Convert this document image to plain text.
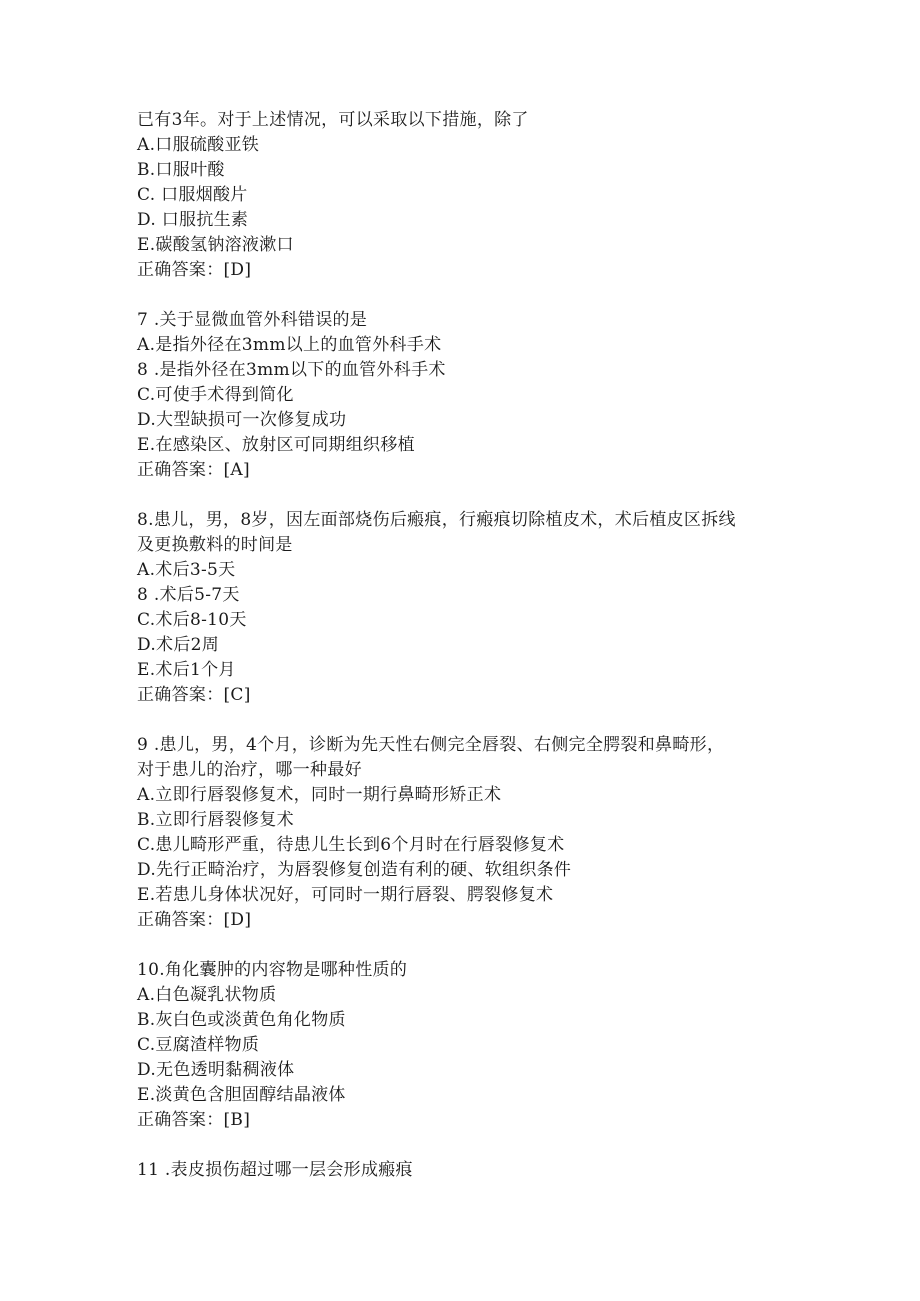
已有3年。对于上述情况，可以采取以下措施，除了
A.口服硫酸亚铁
B.口服叶酸
C. 口服烟酸片
D. 口服抗生素
E.碳酸氢钠溶液漱口
正确答案：[D]
7 .关于显微血管外科错误的是
A.是指外径在3mm以上的血管外科手术
8 .是指外径在3mm以下的血管外科手术
C.可使手术得到简化
D.大型缺损可一次修复成功
E.在感染区、放射区可同期组织移植
正确答案：[A]
8.患儿，男，8岁，因左面部烧伤后瘢痕，行瘢痕切除植皮术，术后植皮区拆线
及更换敷料的时间是
A.术后3-5天
8 .术后5-7天
C.术后8-10天
D.术后2周
E.术后1个月
正确答案：[C]
9 .患儿，男，4个月，诊断为先天性右侧完全唇裂、右侧完全腭裂和鼻畸形，
对于患儿的治疗，哪一种最好
A.立即行唇裂修复术，同时一期行鼻畸形矫正术
B.立即行唇裂修复术
C.患儿畸形严重，待患儿生长到6个月时在行唇裂修复术
D.先行正畸治疗，为唇裂修复创造有利的硬、软组织条件
E.若患儿身体状况好，可同时一期行唇裂、腭裂修复术
正确答案：[D]
10.角化囊肿的内容物是哪种性质的
A.白色凝乳状物质
B.灰白色或淡黄色角化物质
C.豆腐渣样物质
D.无色透明黏稠液体
E.淡黄色含胆固醇结晶液体
正确答案：[B]
11 .表皮损伤超过哪一层会形成瘢痕
